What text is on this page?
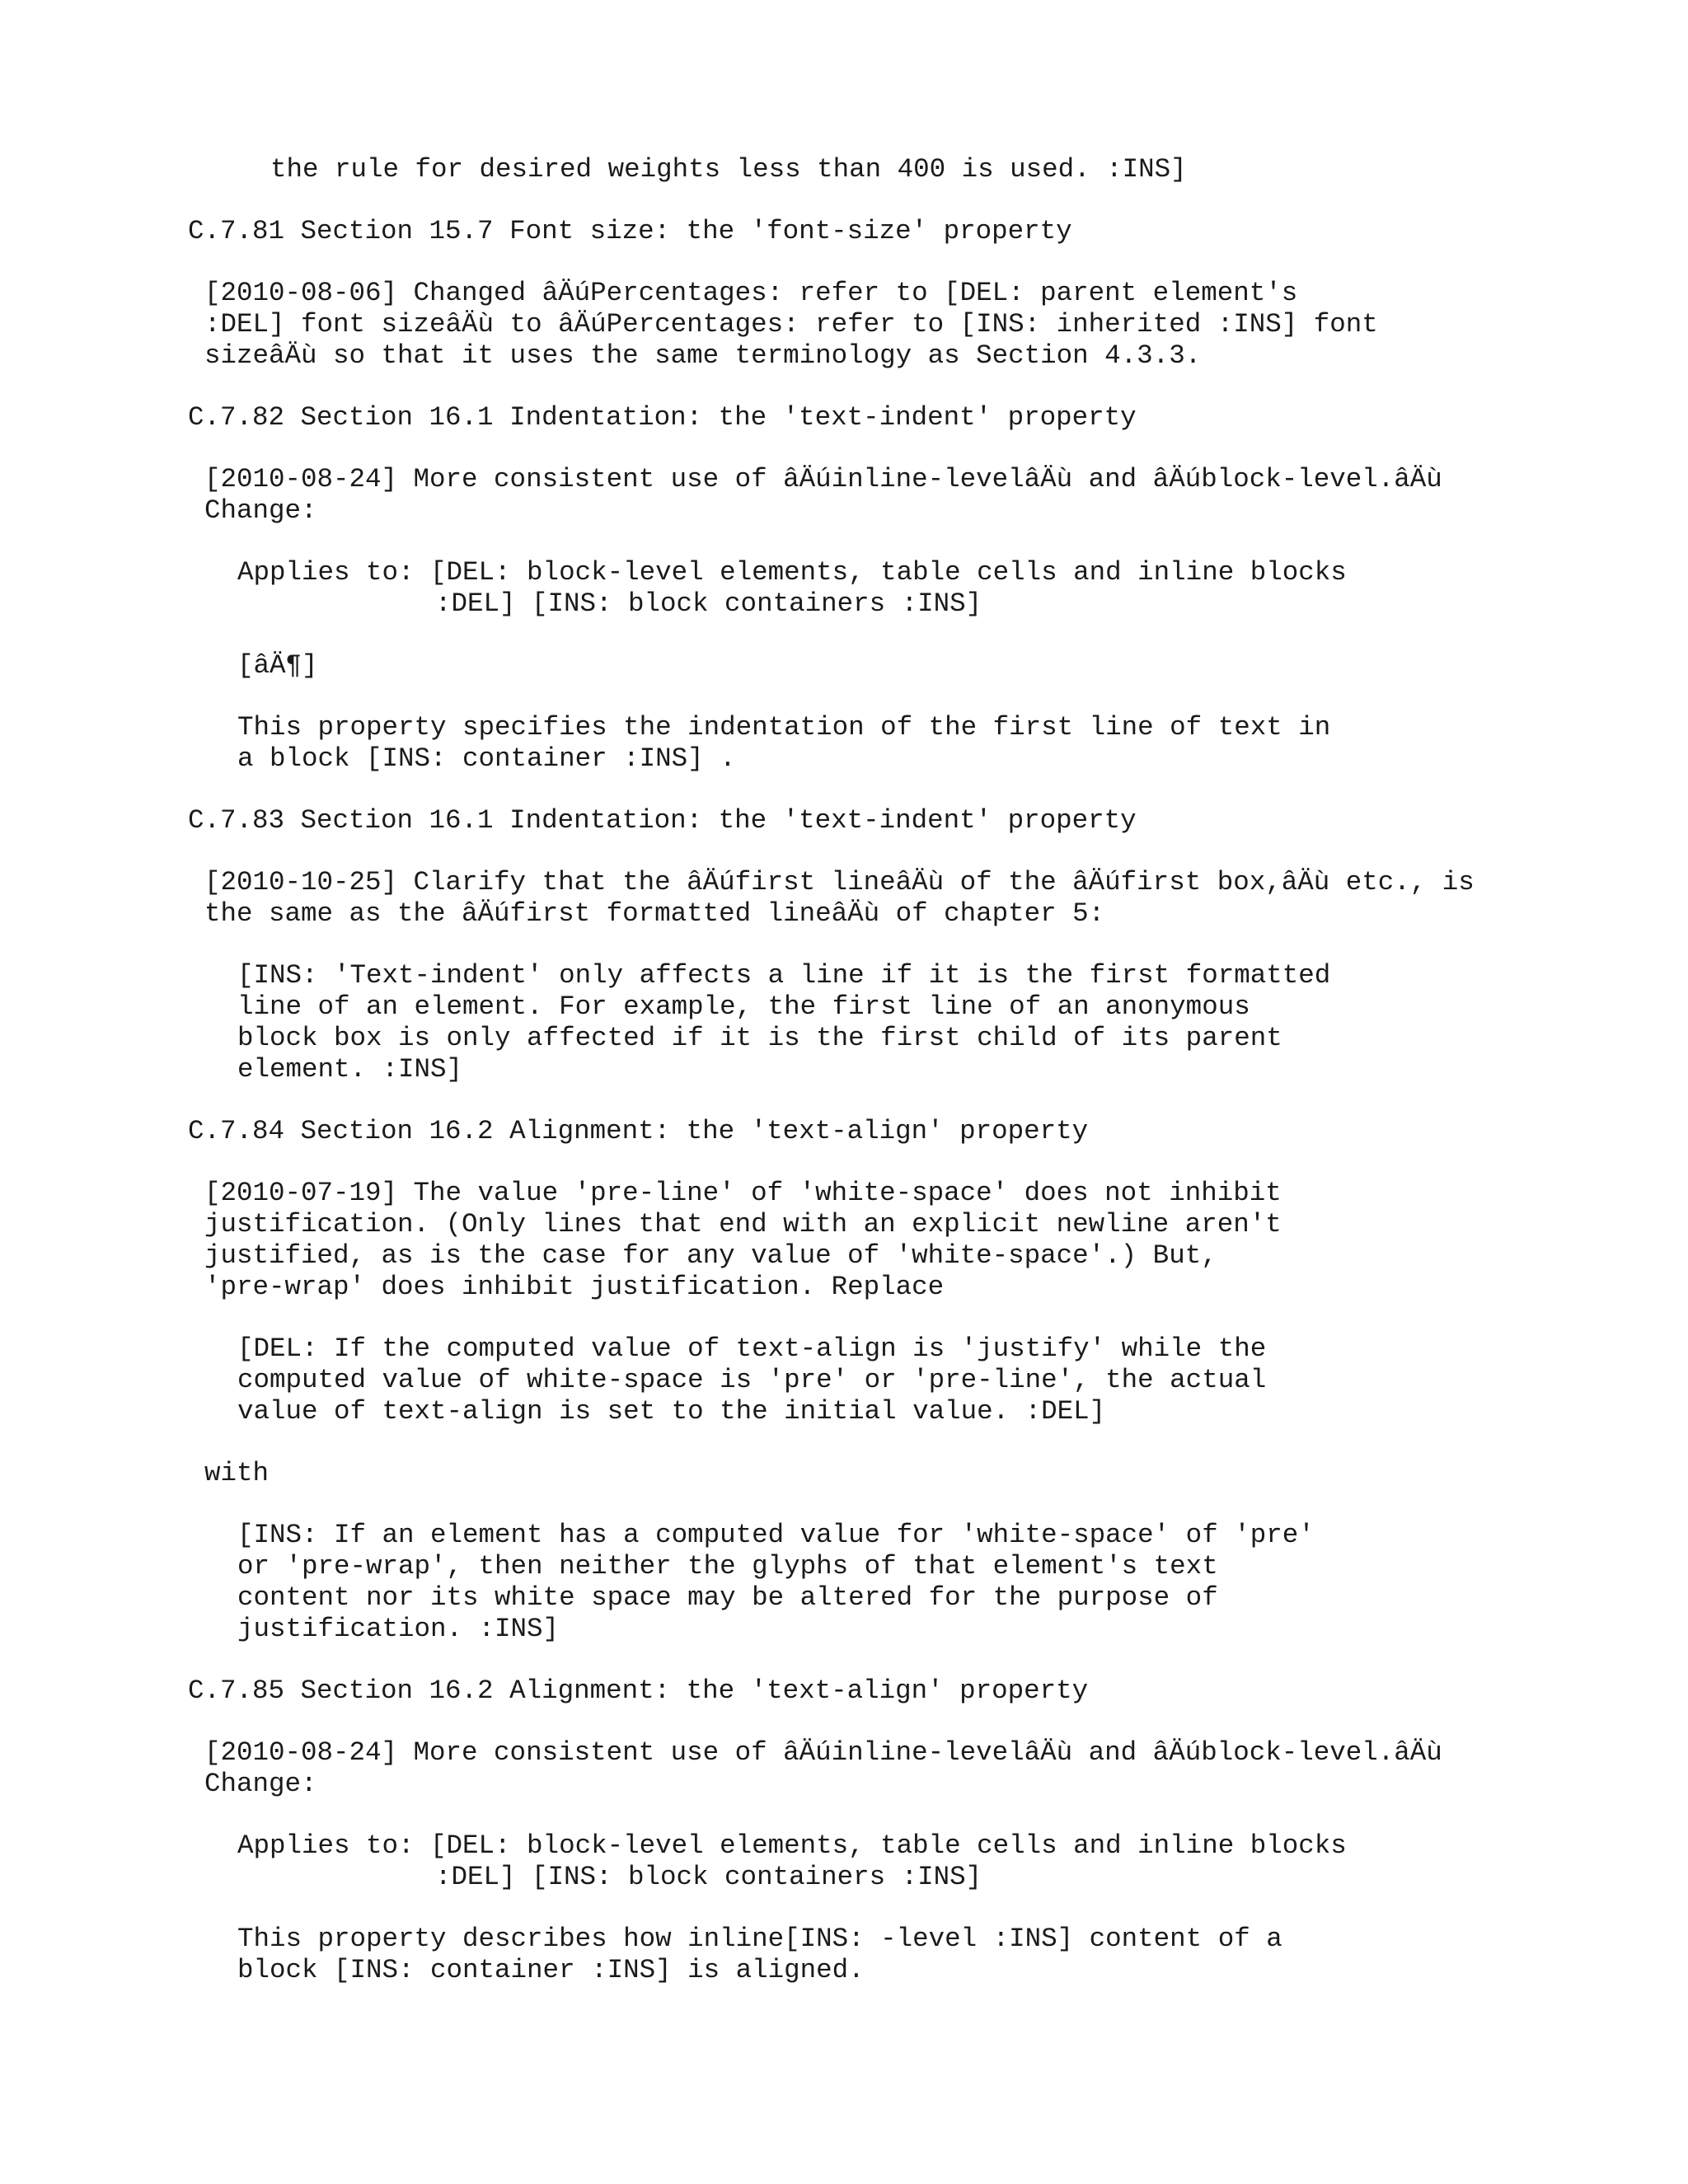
the rule for desired weights less than 400 is used. :INS]

C.7.81 Section 15.7 Font size: the 'font-size' property

[2010-08-06] Changed âÄúPercentages: refer to [DEL: parent element's

:DEL] font sizeâÄù to âÄúPercentages: refer to [INS: inherited :INS] font

sizeâÄù so that it uses the same terminology as Section 4.3.3.

C.7.82 Section 16.1 Indentation: the 'text-indent' property

[2010-08-24] More consistent use of âÄúinline-levelâÄù and âÄúblock-level.âÄù

Change:

Applies to: [DEL: block-level elements, table cells and inline blocks

:DEL] [INS: block containers :INS]

[âÄ¶]

This property specifies the indentation of the first line of text in

a block [INS: container :INS] .

C.7.83 Section 16.1 Indentation: the 'text-indent' property

[2010-10-25] Clarify that the âÄúfirst lineâÄù of the âÄúfirst box,âÄù etc., is

the same as the âÄúfirst formatted lineâÄù of chapter 5:

[INS: 'Text-indent' only affects a line if it is the first formatted

line of an element. For example, the first line of an anonymous

block box is only affected if it is the first child of its parent

element. :INS]

C.7.84 Section 16.2 Alignment: the 'text-align' property

[2010-07-19] The value 'pre-line' of 'white-space' does not inhibit

justification. (Only lines that end with an explicit newline aren't

justified, as is the case for any value of 'white-space'.) But,

'pre-wrap' does inhibit justification. Replace

[DEL: If the computed value of text-align is 'justify' while the

computed value of white-space is 'pre' or 'pre-line', the actual

value of text-align is set to the initial value. :DEL]

with

[INS: If an element has a computed value for 'white-space' of 'pre'

or 'pre-wrap', then neither the glyphs of that element's text

content nor its white space may be altered for the purpose of

justification. :INS]

C.7.85 Section 16.2 Alignment: the 'text-align' property

[2010-08-24] More consistent use of âÄúinline-levelâÄù and âÄúblock-level.âÄù

Change:

Applies to: [DEL: block-level elements, table cells and inline blocks

:DEL] [INS: block containers :INS]

This property describes how inline[INS: -level :INS] content of a

block [INS: container :INS] is aligned.
